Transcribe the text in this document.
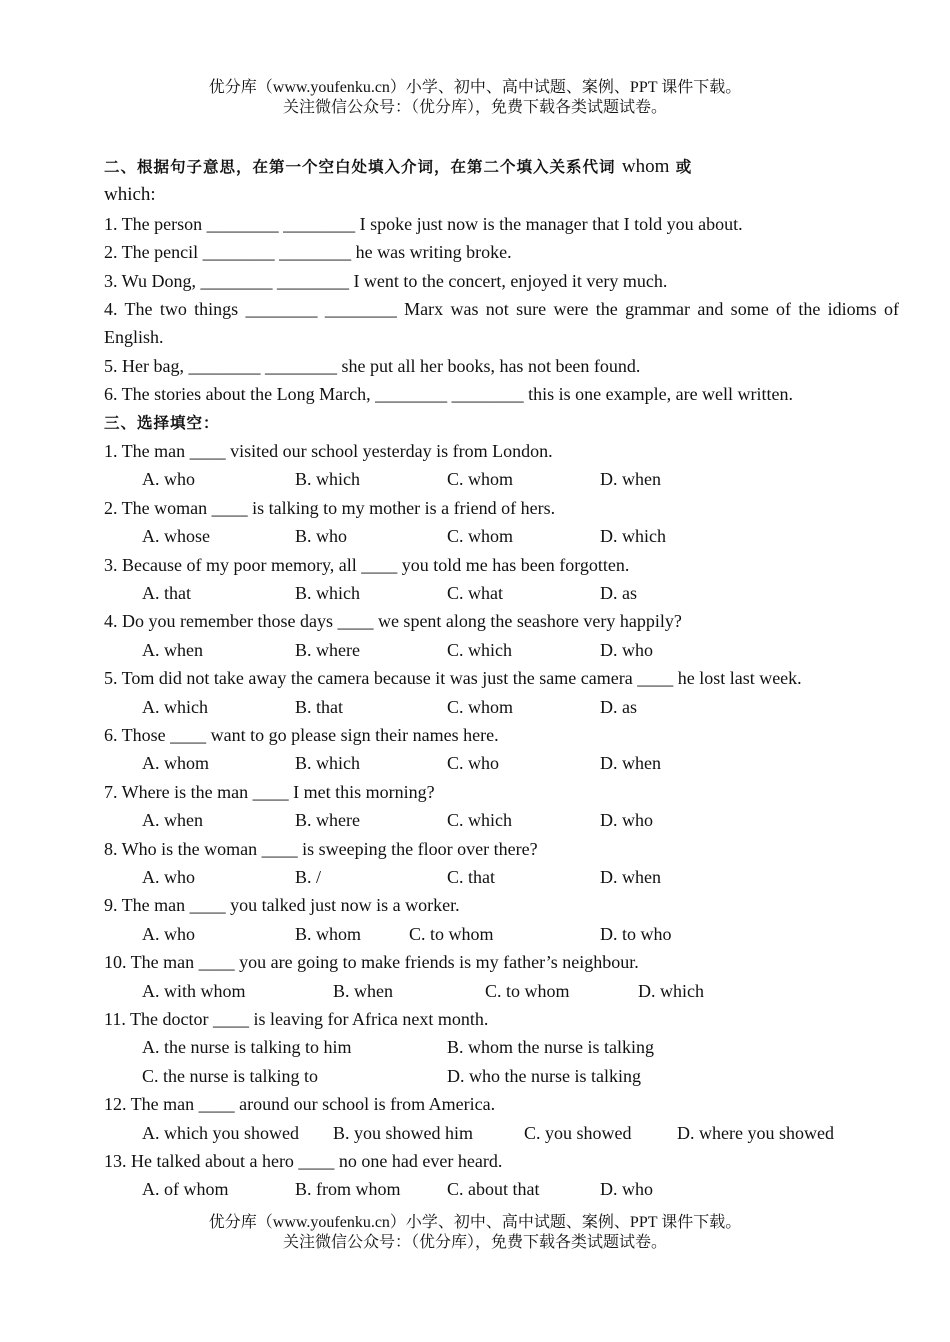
优分库（www.youfenku.cn）小学、初中、高中试题、案例、PPT 课件下载。
关注微信公众号：（优分库），免费下载各类试题试卷。
二、根据句子意思，在第一个空白处填入介词，在第二个填入关系代词 whom 或
which:
1. The person ________ ________ I spoke just now is the manager that I told you about.
2. The pencil ________ ________ he was writing broke.
3. Wu Dong, ________ ________ I went to the concert, enjoyed it very much.
4. The two things ________ ________ Marx was not sure were the grammar and some of the idioms of English.
5. Her bag, ________ ________ she put all her books, has not been found.
6. The stories about the Long March, ________ ________ this is one example, are well written.
三、选择填空：
1. The man ____ visited our school yesterday is from London.
A. who	B. which	C. whom	D. when
2. The woman ____ is talking to my mother is a friend of hers.
A. whose	B. who	C. whom	D. which
3. Because of my poor memory, all ____ you told me has been forgotten.
A. that	B. which	C. what	D. as
4. Do you remember those days ____ we spent along the seashore very happily?
A. when	B. where	C. which	D. who
5. Tom did not take away the camera because it was just the same camera ____ he lost last week.
A. which	B. that	C. whom	D. as
6. Those ____ want to go please sign their names here.
A. whom	B. which	C. who	D. when
7. Where is the man ____ I met this morning?
A. when	B. where	C. which	D. who
8. Who is the woman ____ is sweeping the floor over there?
A. who	B. /	C. that	D. when
9. The man ____ you talked just now is a worker.
A. who	B. whom	C. to whom	D. to who
10. The man ____ you are going to make friends is my father’s neighbour.
A. with whom	B. when	C. to whom	D. which
11. The doctor ____ is leaving for Africa next month.
A. the nurse is talking to him	B. whom the nurse is talking
C. the nurse is talking to	D. who the nurse is talking
12. The man ____ around our school is from America.
A. which you showed B. you showed him	C. you showed	D. where you showed
13. He talked about a hero ____ no one had ever heard.
A. of whom	B. from whom	C. about that	D. who
优分库（www.youfenku.cn）小学、初中、高中试题、案例、PPT 课件下载。
关注微信公众号：（优分库），免费下载各类试题试卷。
